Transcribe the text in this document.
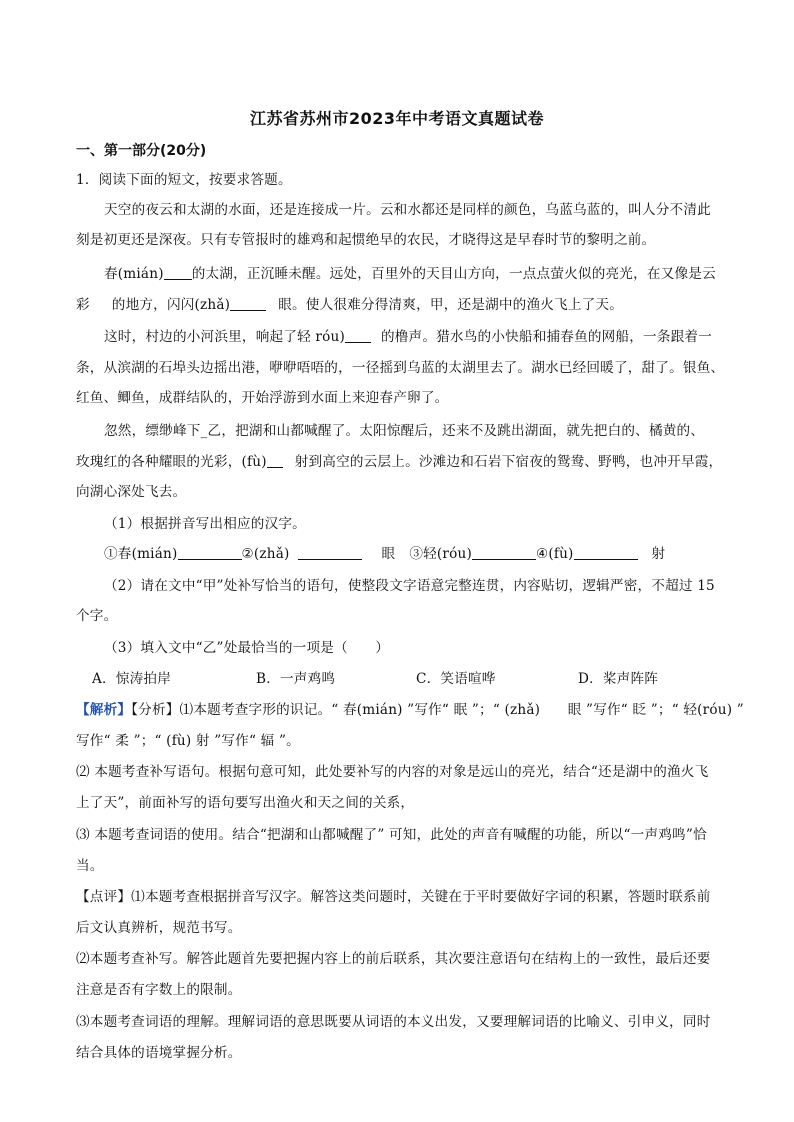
江苏省苏州市2023年中考语文真题试卷
一、第一部分(20分)
1．阅读下面的短文，按要求答题。
天空的夜云和太湖的水面，还是连接成一片。云和水都还是同样的颜色，乌蓝乌蓝的，叫人分不清此
刻是初更还是深夜。只有专管报时的雄鸡和起惯绝早的农民，才晓得这是早春时节的黎明之前。
春(mián) 的太湖，正沉睡未醒。远处，百里外的天目山方向，一点点萤火似的亮光，在又像是云
彩 的地方，闪闪(zhǎ)	眼。使人很难分得清爽，甲，还是湖中的渔火飞上了天。
这时，村边的小河浜里，响起了轻 róu)	的橹声。猎水鸟的小快船和捕春鱼的网船，一条跟着一
条，从滨湖的石埠头边摇出港，咿咿唔唔的，一径摇到乌蓝的太湖里去了。湖水已经回暖了，甜了。银鱼、
红鱼、鲫鱼，成群结队的，开始浮游到水面上来迎春产卵了。
忽然，缥缈峰下_乙，把湖和山都喊醒了。太阳惊醒后，还来不及跳出湖面，就先把白的、橘黄的、
玫瑰红的各种耀眼的光彩，(fù) 射到高空的云层上。沙滩边和石岩下宿夜的鸳鸯、野鸭，也冲开早霞，
向湖心深处飞去。
（1）根据拼音写出相应的汉字。
①春(mián)	②(zhǎ)	眼 ③轻(róu)	④(fù)	射
（2）请在文中“甲”处补写恰当的语句，使整段文字语意完整连贯，内容贴切，逻辑严密，不超过 15
个字。
（3）填入文中“乙”处最恰当的一项是（　　）
A．惊涛拍岸	B．一声鸡鸣	C．笑语喧哗	D．桨声阵阵
【解析】【分析】⑴本题考查字形的识记。“ 春(mián) ”写作“ 眠 ”；“ (zhǎ)　　眼 ”写作“ 眨 ”；“ 轻(róu) ”
写作“ 柔 ”；“ (fù) 射 ”写作“ 辐 ”。
⑵ 本题考查补写语句。根据句意可知，此处要补写的内容的对象是远山的亮光，结合“还是湖中的渔火飞
上了天”，前面补写的语句要写出渔火和天之间的关系，
⑶ 本题考查词语的使用。结合“把湖和山都喊醒了” 可知，此处的声音有喊醒的功能，所以“一声鸡鸣”恰
当。
【点评】⑴本题考查根据拼音写汉字。解答这类问题时，关键在于平时要做好字词的积累，答题时联系前
后文认真辨析，规范书写。
⑵本题考查补写。解答此题首先要把握内容上的前后联系，其次要注意语句在结构上的一致性，最后还要
注意是否有字数上的限制。
⑶本题考查词语的理解。理解词语的意思既要从词语的本义出发，又要理解词语的比喻义、引申义，同时
结合具体的语境掌握分析。
